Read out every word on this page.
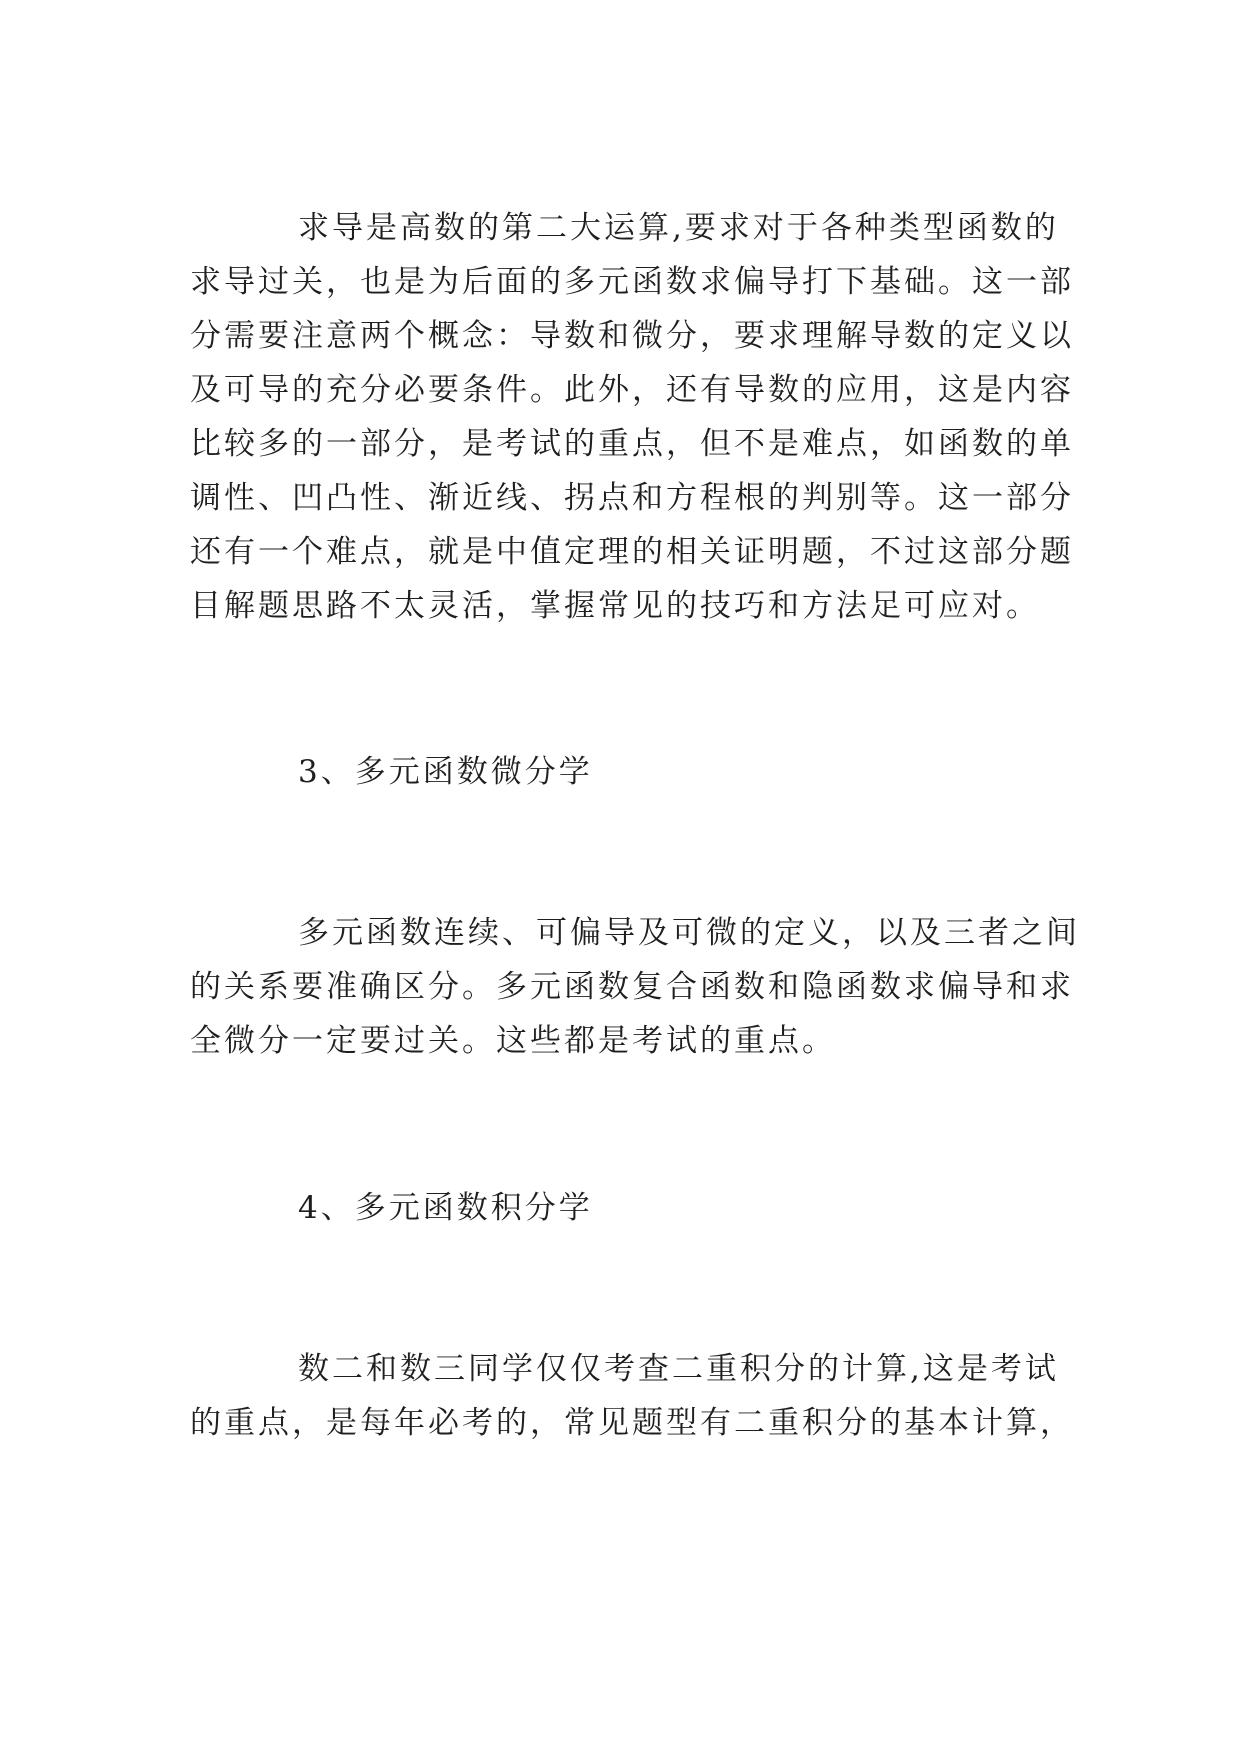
求导是高数的第二大运算,要求对于各种类型函数的
求导过关，也是为后面的多元函数求偏导打下基础。这一部
分需要注意两个概念：导数和微分，要求理解导数的定义以
及可导的充分必要条件。此外，还有导数的应用，这是内容
比较多的一部分，是考试的重点，但不是难点，如函数的单
调性、凹凸性、渐近线、拐点和方程根的判别等。这一部分
还有一个难点，就是中值定理的相关证明题，不过这部分题
目解题思路不太灵活，掌握常见的技巧和方法足可应对。
3、多元函数微分学
多元函数连续、可偏导及可微的定义，以及三者之间
的关系要准确区分。多元函数复合函数和隐函数求偏导和求
全微分一定要过关。这些都是考试的重点。
4、多元函数积分学
数二和数三同学仅仅考查二重积分的计算,这是考试
的重点，是每年必考的，常见题型有二重积分的基本计算，
